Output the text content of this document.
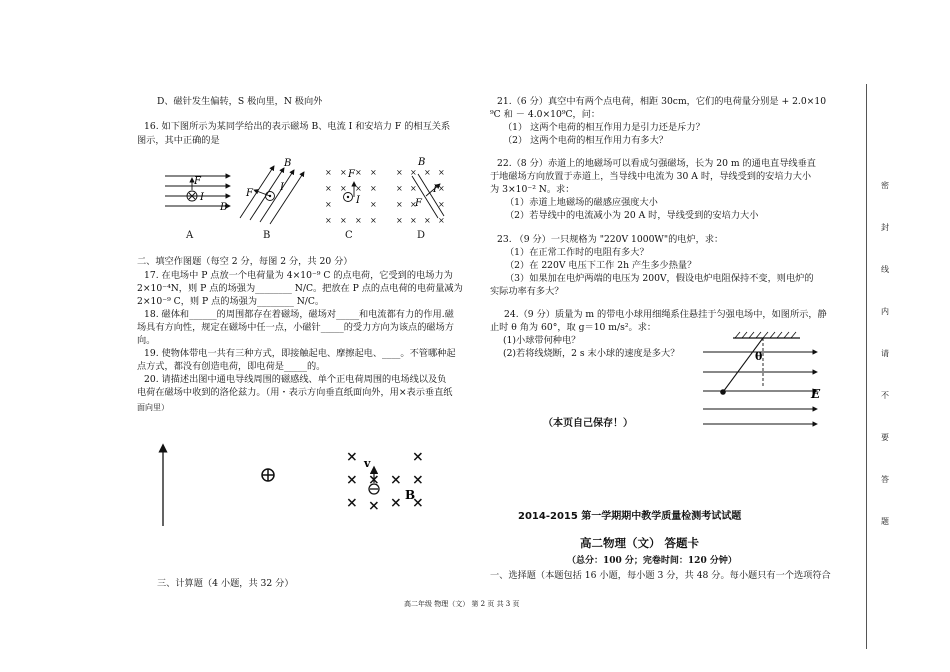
D、磁针发生偏转，S 极向里，N 极向外
16. 如下图所示为某同学给出的表示磁场 B、电流 I 和安培力 F 的相互关系
图示，其中正确的是
F
I
B
F
I
B
× × × ×
× × × ×
×	×
× × × ×
F
I
× × × ×
× ×	×
× ×	×
× × × ×
B
F
I
A	B	C	D
二、填空作图题（每空 2 分，每图 2 分，共 20 分）
17. 在电场中 P 点放一个电荷量为 4×10⁻⁹ C 的点电荷，它受到的电场力为
2×10⁻⁴N，则 P 点的场强为________ N/C。把放在 P 点的点电荷的电荷量减为
2×10⁻⁹ C，则 P 点的场强为________ N/C。
18. 磁体和______的周围都存在着磁场，磁场对_____和电流都有力的作用.磁
场具有方向性，规定在磁场中任一点，小磁针_____的受力方向为该点的磁场方
向。
19. 使物体带电一共有三种方式，即接触起电、摩擦起电、____。不管哪种起
点方式，都没有创造电荷，即电荷是_____的。
20. 请描述出图中通电导线周围的磁感线、单个正电荷周围的电场线以及负
电荷在磁场中收到的洛伦兹力。（用・表示方向垂直纸面向外，用×表示垂直纸
面向里）
×	×
× × × ×
× × ×
×
v
B
三、计算题（4 小题，共 32 分）
21.（6 分）真空中有两个点电荷，相距 30cm，它们的电荷量分别是 + 2.0×10
⁹C 和 － 4.0×10⁹C，问：
（1） 这两个电荷的相互作用力是引力还是斥力？
（2） 这两个电荷的相互作用力有多大？
22.（8 分）赤道上的地磁场可以看成匀强磁场，长为 20 m 的通电直导线垂直
于地磁场方向放置于赤道上，当导线中电流为 30 A 时，导线受到的安培力大小
为 3×10⁻² N。求：
（1）赤道上地磁场的磁感应强度大小
（2）若导线中的电流减小为 20 A 时，导线受到的安培力大小
23. （9 分）一只规格为 "220V 1000W"的电炉，求：
（1）在正常工作时的电阻有多大？
（2）在 220V 电压下工作 2h 产生多少热量？
（3）如果加在电炉两端的电压为 200V，假设电炉电阻保持不变，则电炉的
实际功率有多大？
24.（9 分）质量为 m 的带电小球用细绳系住悬挂于匀强电场中，如图所示，静
止时 θ 角为 60°，取 g＝10 m/s²。求：
(1)小球带何种电？
(2)若将线烧断，2 s 末小球的速度是多大？	θ
E
（本页自己保存！）
2014-2015 第一学期期中教学质量检测考试试题
高二物理（文） 答题卡
（总分：100 分；完卷时间：120 分钟）
一、选择题（本题包括 16 小题，每小题 3 分，共 48 分。每小题只有一个选项符合
高二年级 物理（文） 第 2 页 共 3 页
密
封
线
内
请
不
要
答
题
